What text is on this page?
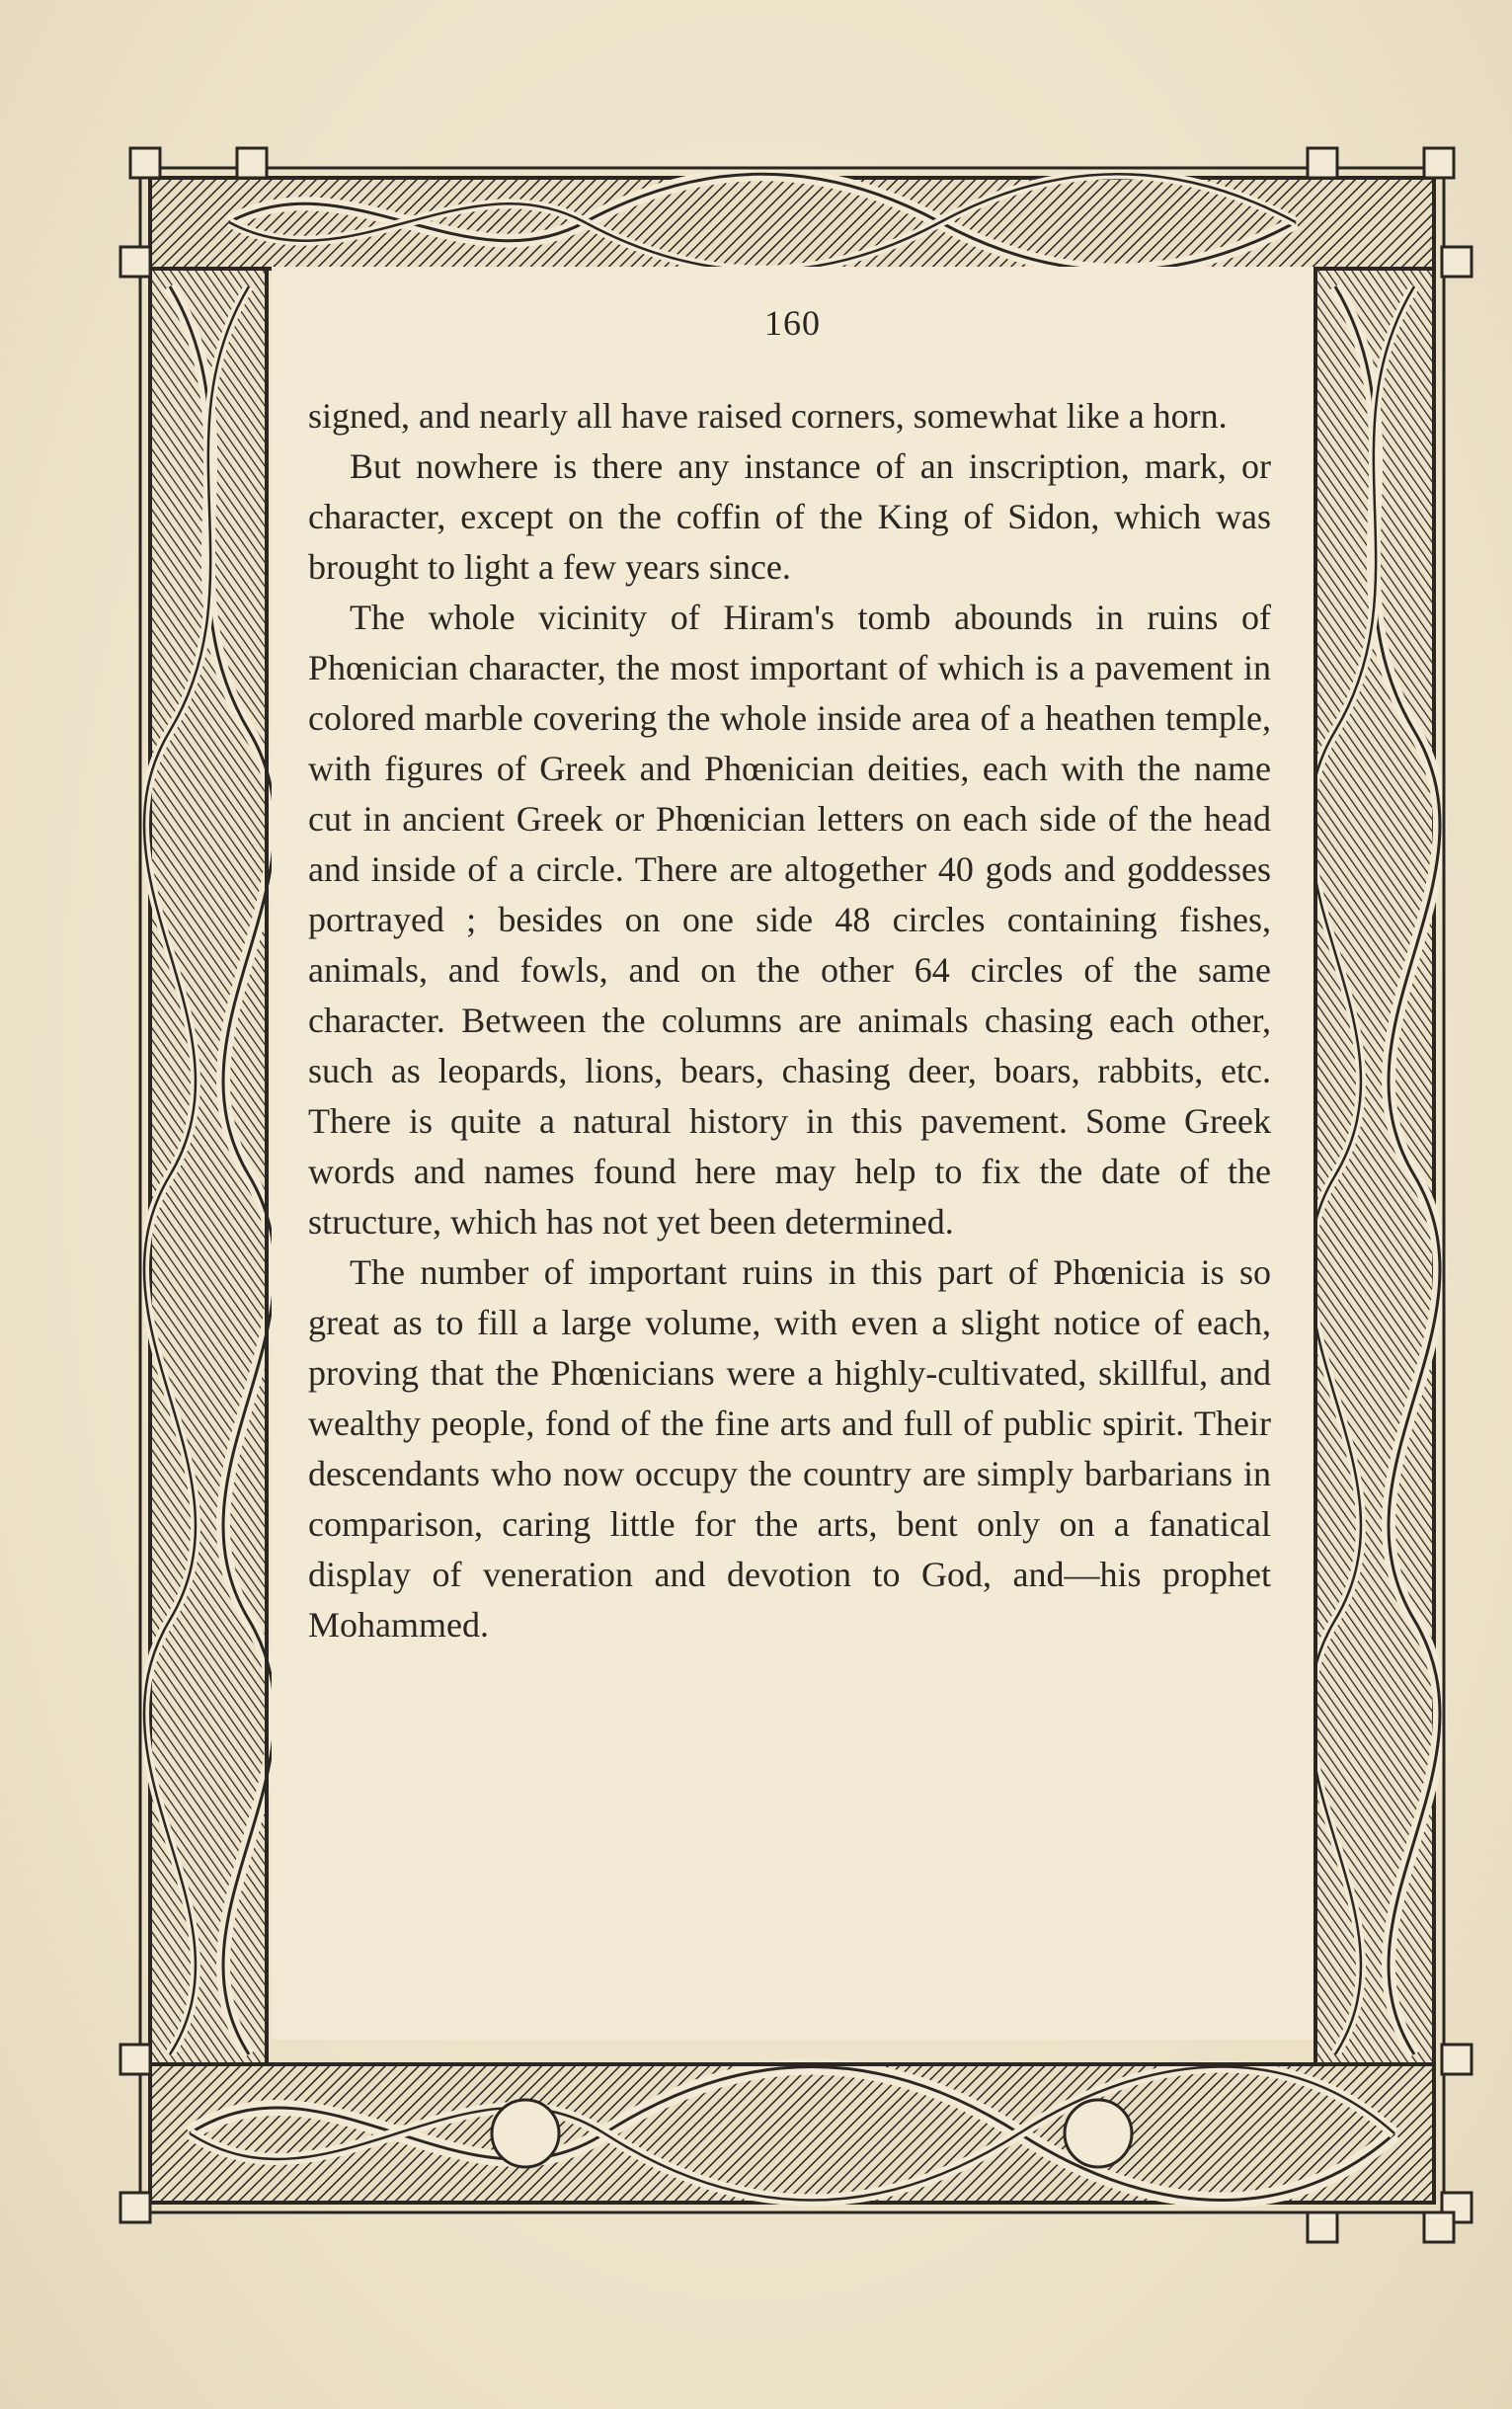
160

signed, and nearly all have raised corners, somewhat like a horn.

But nowhere is there any instance of an inscription, mark, or character, except on the coffin of the King of Sidon, which was brought to light a few years since.

The whole vicinity of Hiram's tomb abounds in ruins of Phœnician character, the most important of which is a pavement in colored marble covering the whole inside area of a heathen temple, with figures of Greek and Phœnician deities, each with the name cut in ancient Greek or Phœnician letters on each side of the head and inside of a circle. There are altogether 40 gods and goddesses portrayed ; besides on one side 48 circles containing fishes, animals, and fowls, and on the other 64 circles of the same character. Between the columns are animals chasing each other, such as leopards, lions, bears, chasing deer, boars, rabbits, etc. There is quite a natural history in this pavement. Some Greek words and names found here may help to fix the date of the structure, which has not yet been determined.

The number of important ruins in this part of Phœnicia is so great as to fill a large volume, with even a slight notice of each, proving that the Phœnicians were a highly-cultivated, skillful, and wealthy people, fond of the fine arts and full of public spirit. Their descendants who now occupy the country are simply barbarians in comparison, caring little for the arts, bent only on a fanatical display of veneration and devotion to God, and—his prophet Mohammed.
